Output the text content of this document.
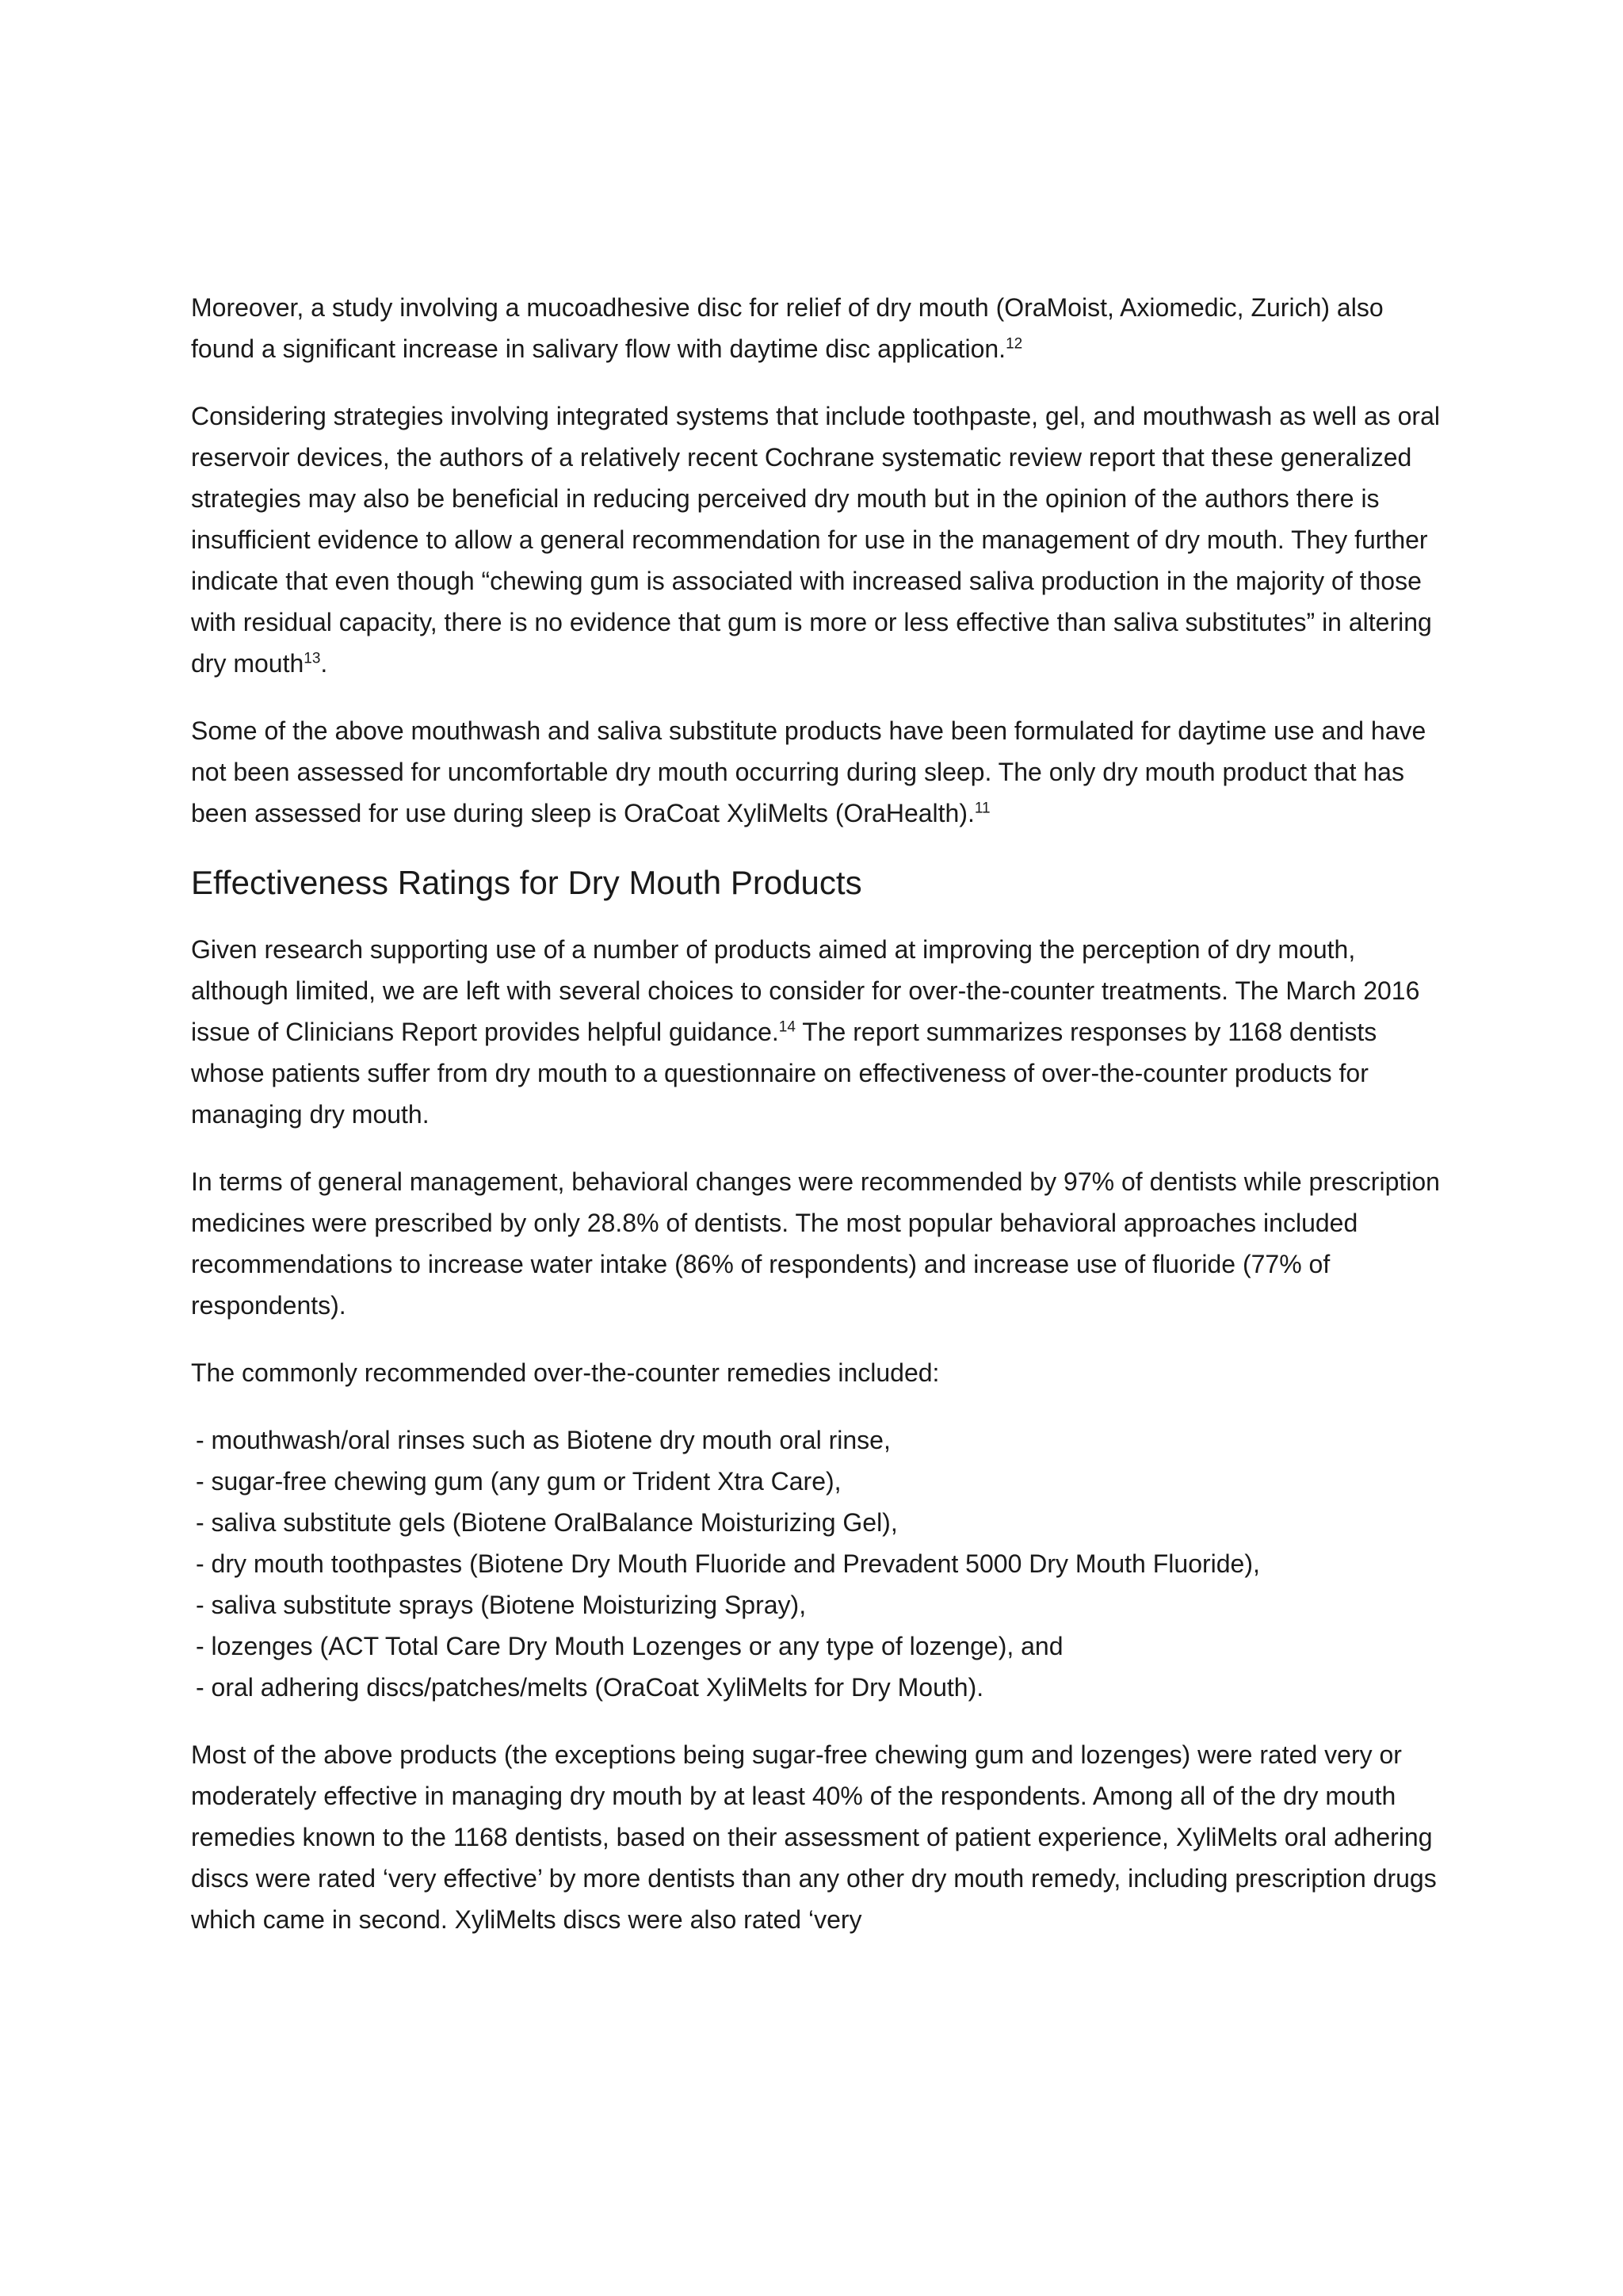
Moreover, a study involving a mucoadhesive disc for relief of dry mouth (OraMoist, Axiomedic, Zurich) also found a significant increase in salivary flow with daytime disc application.$^{12}$

Considering strategies involving integrated systems that include toothpaste, gel, and mouthwash as well as oral reservoir devices, the authors of a relatively recent Cochrane systematic review report that these generalized strategies may also be beneficial in reducing perceived dry mouth but in the opinion of the authors there is insufficient evidence to allow a general recommendation for use in the management of dry mouth. They further indicate that even though “chewing gum is associated with increased saliva production in the majority of those with residual capacity, there is no evidence that gum is more or less effective than saliva substitutes” in altering dry mouth$^{13}$.

Some of the above mouthwash and saliva substitute products have been formulated for daytime use and have not been assessed for uncomfortable dry mouth occurring during sleep. The only dry mouth product that has been assessed for use during sleep is OraCoat XyliMelts (OraHealth).$^{11}$

Effectiveness Ratings for Dry Mouth Products

Given research supporting use of a number of products aimed at improving the perception of dry mouth, although limited, we are left with several choices to consider for over-the-counter treatments. The March 2016 issue of Clinicians Report provides helpful guidance.$^{14}$ The report summarizes responses by 1168 dentists whose patients suffer from dry mouth to a questionnaire on effectiveness of over-the-counter products for managing dry mouth.

In terms of general management, behavioral changes were recommended by 97% of dentists while prescription medicines were prescribed by only 28.8% of dentists. The most popular behavioral approaches included recommendations to increase water intake (86% of respondents) and increase use of fluoride (77% of respondents).

The commonly recommended over-the-counter remedies included:

- mouthwash/oral rinses such as Biotene dry mouth oral rinse,
- sugar-free chewing gum (any gum or Trident Xtra Care),
- saliva substitute gels (Biotene OralBalance Moisturizing Gel),
- dry mouth toothpastes (Biotene Dry Mouth Fluoride and Prevadent 5000 Dry Mouth Fluoride),
- saliva substitute sprays (Biotene Moisturizing Spray),
- lozenges (ACT Total Care Dry Mouth Lozenges or any type of lozenge), and
- oral adhering discs/patches/melts (OraCoat XyliMelts for Dry Mouth).

Most of the above products (the exceptions being sugar-free chewing gum and lozenges) were rated very or moderately effective in managing dry mouth by at least 40% of the respondents. Among all of the dry mouth remedies known to the 1168 dentists, based on their assessment of patient experience, XyliMelts oral adhering discs were rated ‘very effective’ by more dentists than any other dry mouth remedy, including prescription drugs which came in second. XyliMelts discs were also rated ‘very
